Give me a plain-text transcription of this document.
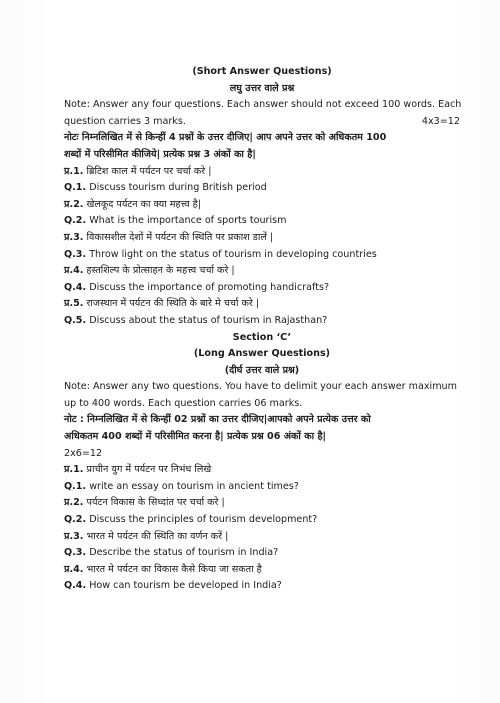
(Short Answer Questions)
लघु उत्तर वाले प्रश्न
Note: Answer any four questions. Each answer should not exceed 100 words. Each
question carries 3 marks.	4x3=12
नोटः निम्नलिखित में से किन्हीं 4 प्रश्नों के उत्तर दीजिए| आप अपने उत्तर को अधिकतम 100
शब्दों में परिसीमित कीजिये| प्रत्येक प्रश्न 3 अंकों का है|
प्र.1. ब्रिटिश काल में पर्यटन पर चर्चा करे |
Q.1. Discuss tourism during British period
प्र.2. खेलकूद पर्यटन का क्या महत्त्व है|
Q.2. What is the importance of sports tourism
प्र.3. विकासशील देशों में पर्यटन की स्थिति पर प्रकाश डालें |
Q.3. Throw light on the status of tourism in developing countries
प्र.4. हस्तशिल्प के प्रोत्साहन के महत्त्व चर्चा करे |
Q.4. Discuss the importance of promoting handicrafts?
प्र.5. राजस्थान में पर्यटन की स्थिति के बारे मे चर्चा करे |
Q.5. Discuss about the status of tourism in Rajasthan?
Section ‘C’
(Long Answer Questions)
(दीर्घ उत्तर वाले प्रश्न)
Note: Answer any two questions. You have to delimit your each answer maximum
up to 400 words. Each question carries 06 marks.
नोट : निम्नलिखित में से किन्हीं 02 प्रश्नों का उत्तर दीजिए|आपको अपने प्रत्येक उत्तर को
अधिकतम 400 शब्दों में परिसीमित करना है| प्रत्येक प्रश्न 06 अंकों का है|
2x6=12
प्र.1. प्राचीन युग में पर्यटन पर निभंध लिखे
Q.1. write an essay on tourism in ancient times?
प्र.2. पर्यटन विकास के सिध्दांत पर चर्चा करे |
Q.2. Discuss the principles of tourism development?
प्र.3. भारत मे पर्यटन की स्थिति का वर्णन करें |
Q.3. Describe the status of tourism in India?
प्र.4. भारत मे पर्यटन का विकास कैसे किया जा सकता है
Q.4. How can tourism be developed in India?
